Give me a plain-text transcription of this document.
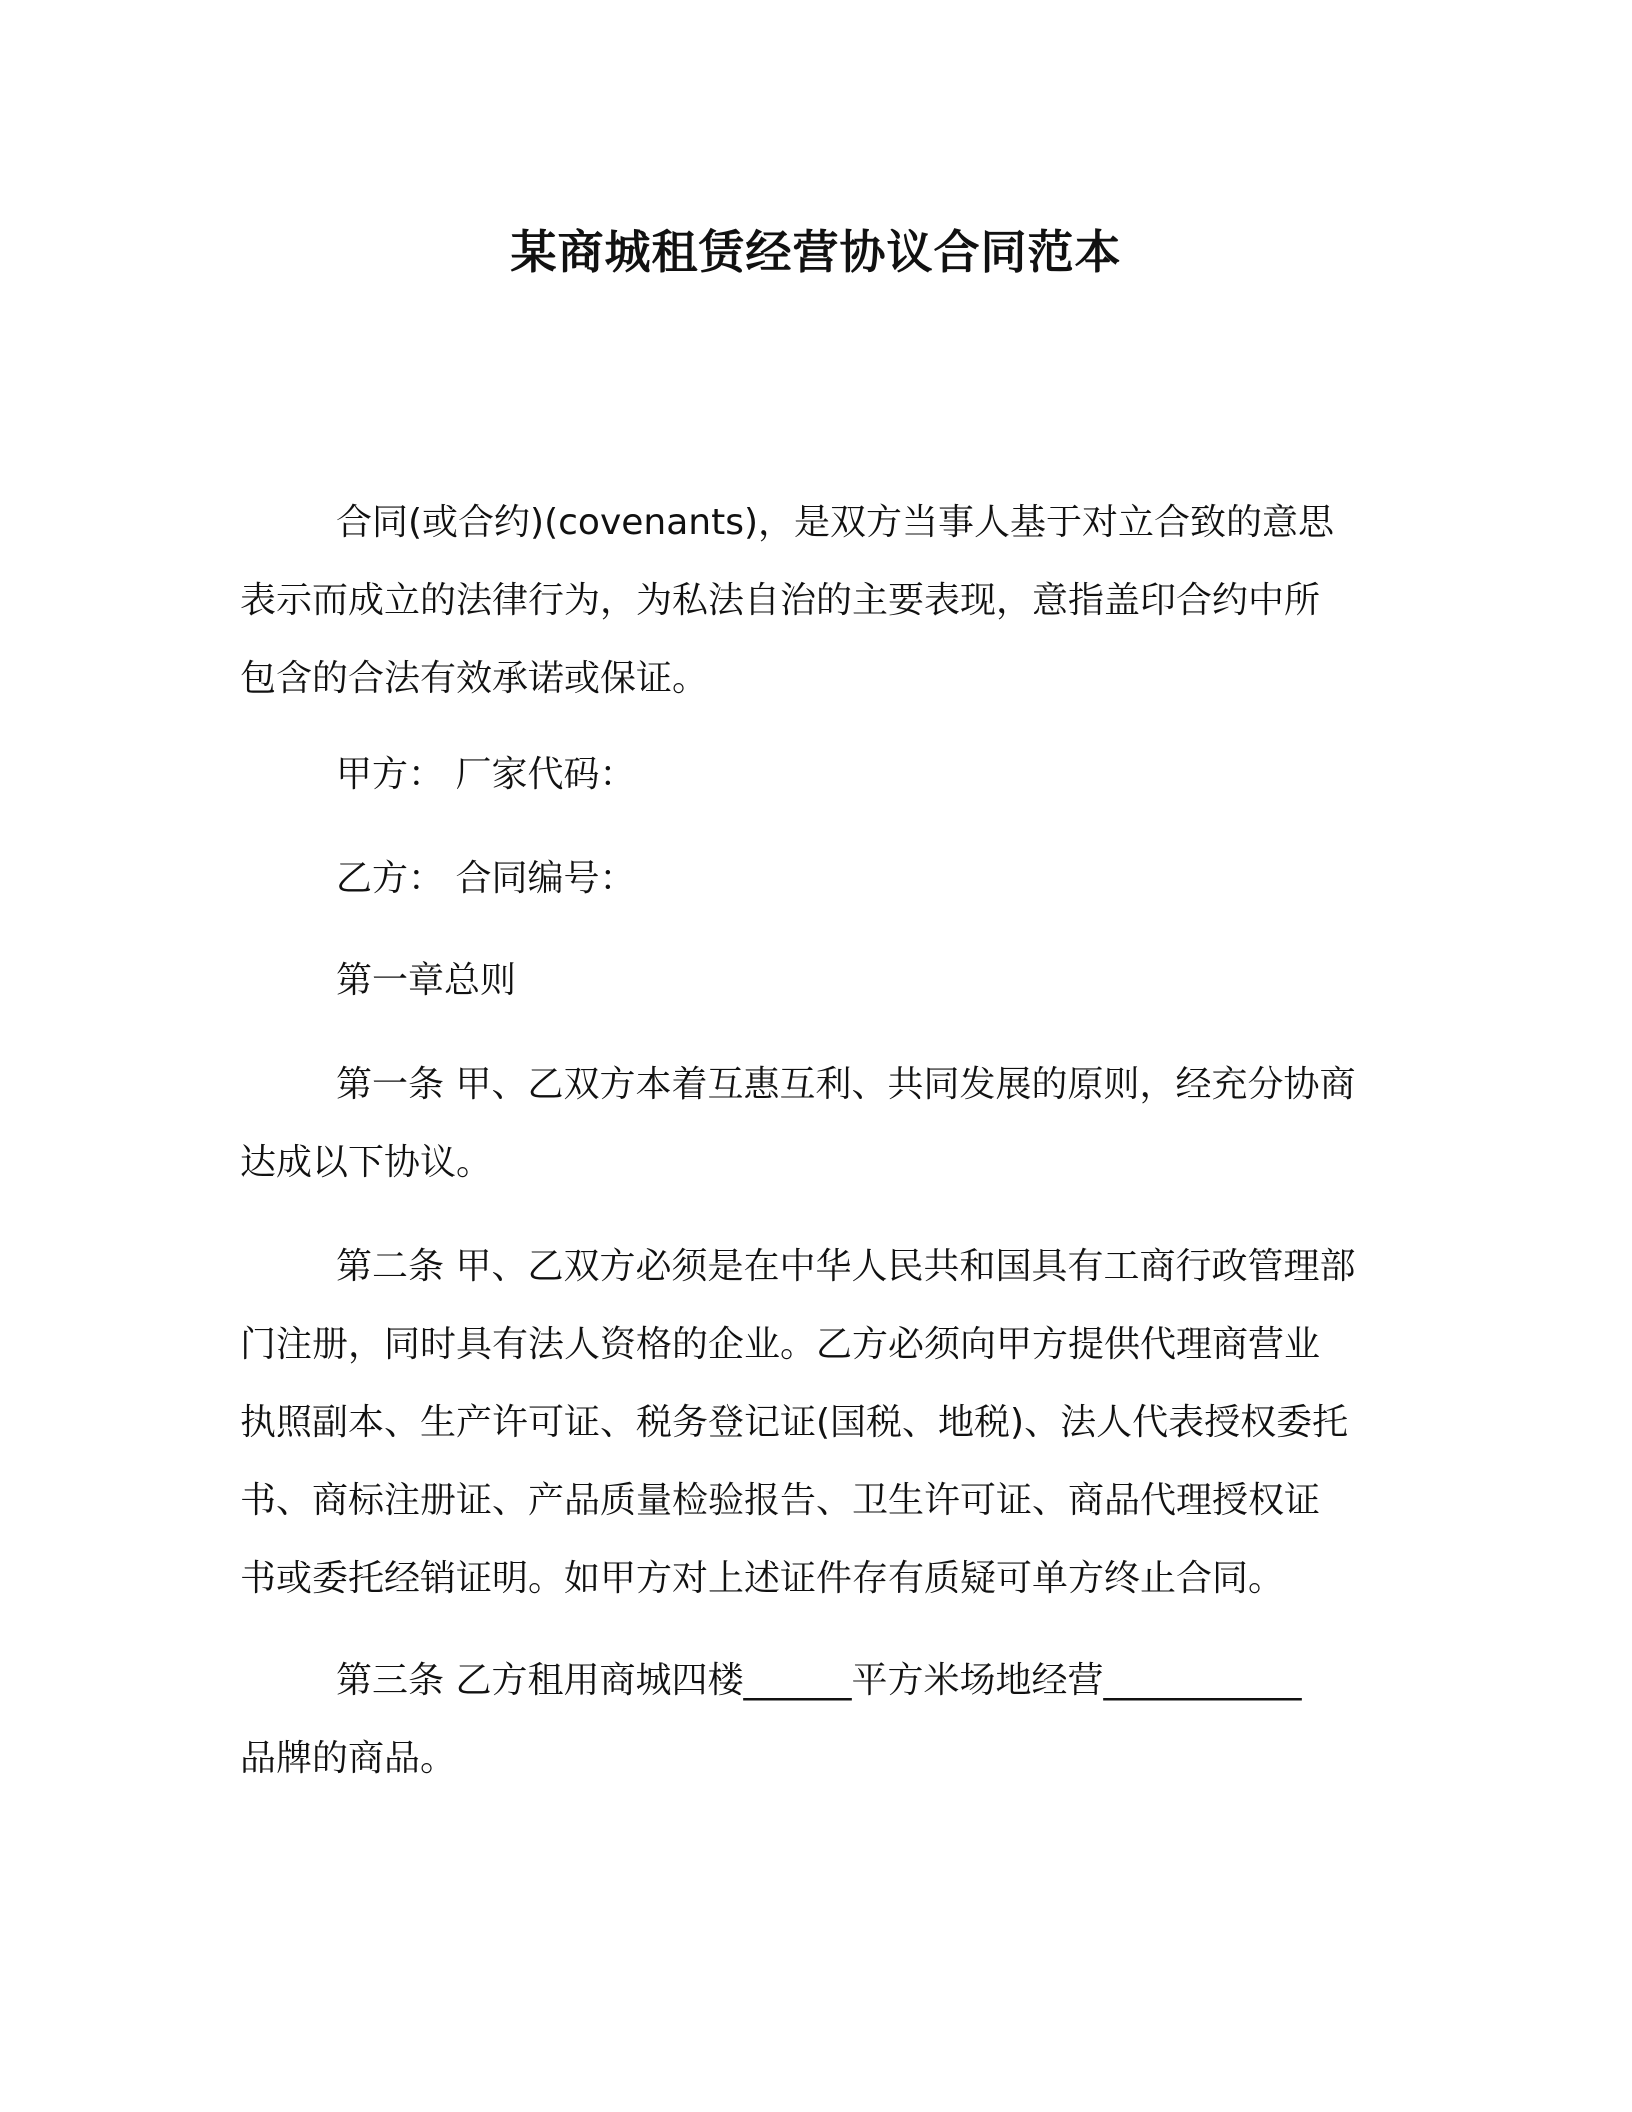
某商城租赁经营协议合同范本
合同(或合约)(covenants)，是双方当事人基于对立合致的意思
表示而成立的法律行为，为私法自治的主要表现，意指盖印合约中所
包含的合法有效承诺或保证。
甲方： 厂家代码：
乙方： 合同编号：
第一章总则
第一条 甲、乙双方本着互惠互利、共同发展的原则，经充分协商
达成以下协议。
第二条 甲、乙双方必须是在中华人民共和国具有工商行政管理部
门注册，同时具有法人资格的企业。乙方必须向甲方提供代理商营业
执照副本、生产许可证、税务登记证(国税、地税)、法人代表授权委托
书、商标注册证、产品质量检验报告、卫生许可证、商品代理授权证
书或委托经销证明。如甲方对上述证件存有质疑可单方终止合同。
第三条 乙方租用商城四楼______平方米场地经营___________
品牌的商品。
